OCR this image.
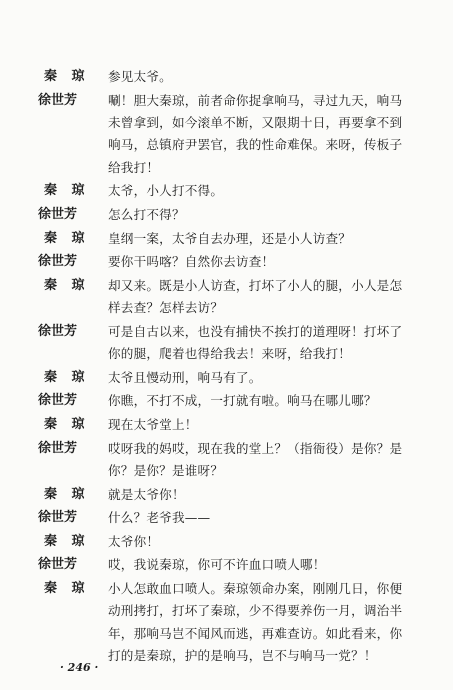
秦 琼 参见太爷。
徐世芳 唰！胆大秦琼，前者命你捉拿响马，寻过九天，响马
未曾拿到，如今滚单不断，又限期十日，再要拿不到
响马，总镇府尹罢官，我的性命难保。来呀，传板子
给我打！
秦 琼 太爷，小人打不得。
徐世芳 怎么打不得？
秦 琼 皇纲一案，太爷自去办理，还是小人访查？
徐世芳 要你干吗喀？自然你去访查！
秦 琼 却又来。既是小人访查，打坏了小人的腿，小人是怎
样去查？怎样去访？
徐世芳 可是自古以来，也没有捕快不挨打的道理呀！打坏了
你的腿，爬着也得给我去！来呀，给我打！
秦 琼 太爷且慢动刑，响马有了。
徐世芳 你瞧，不打不成，一打就有啦。响马在哪儿哪？
秦 琼 现在太爷堂上！
徐世芳 哎呀我的妈哎，现在我的堂上？（指衙役）是你？是
你？是你？是谁呀？
秦 琼 就是太爷你！
徐世芳 什么？老爷我——
秦 琼 太爷你！
徐世芳 哎，我说秦琼，你可不许血口喷人哪！
秦 琼 小人怎敢血口喷人。秦琼领命办案，刚刚几日，你便
动刑拷打，打坏了秦琼，少不得要养伤一月，调治半
年，那响马岂不闻风而逃，再难查访。如此看来，你
打的是秦琼，护的是响马，岂不与响马一党？！
· 246 ·
